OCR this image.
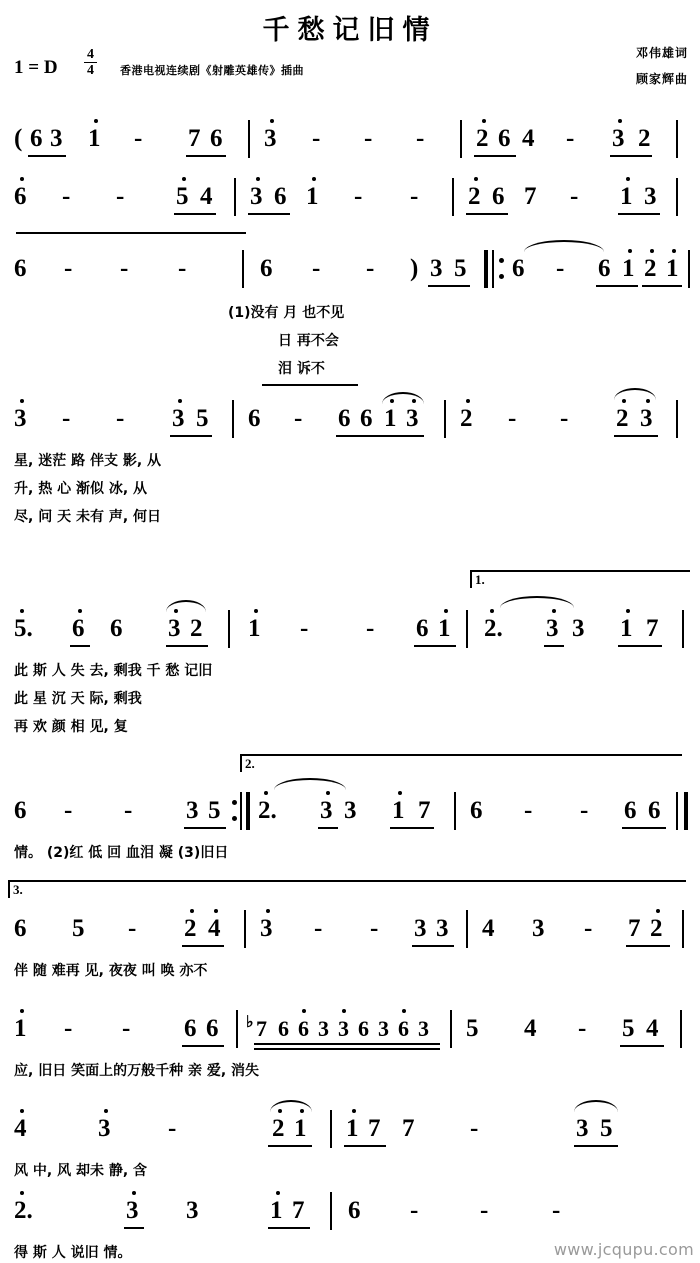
千愁记旧情
1 = D
4
4 香港电视连续剧《射雕英雄传》插曲
邓伟雄词
顾家辉曲
( 6 3 1 - 7 6 3 - - - 2 6 4 - 3 2
6 - - 5 4 3 6 1 - - 2 6 7 - 1 3
6 - - -	6 - - ) 3 5 6 - 6 1 2 1
(1)没有 月 也不见
日 再不会
泪 诉不
3 - - 3 5 6 - 6 6 1 3 2 - - 2 3
星, 迷茫 路 伴支 影, 从
升, 热 心 渐似 冰, 从
尽, 问 天 未有 声, 何日
5. 6 6 3 2 1 - - 6 1
1.
2. 3 3 1 7
此 斯 人 失 去, 剩我 千 愁 记旧
此 星 沉 天 际, 剩我
再 欢 颜 相 见, 复
6 - - 3 5
2.
2. 3 3 1 7 6 - - 6 6
情。 (2)红 低 回 血泪 凝 (3)旧日
3.
6 5 - 2 4 3 - - 3 3 4 3 - 7 2
伴 随 难再 见, 夜夜 叫 唤 亦不
1 - - 6 6 ♭ 7 6 6 3 3 6 3 6 3 5 4 - 5 4
应, 旧日 笑面上的万般千种 亲 爱, 消失
4	3 -	2 1 1 7 7 -	3 5
风 中, 风 却未 静, 含
2.	3 3	1 7 6 - -	-
得 斯 人 说旧 情。	www.jcqupu.com
